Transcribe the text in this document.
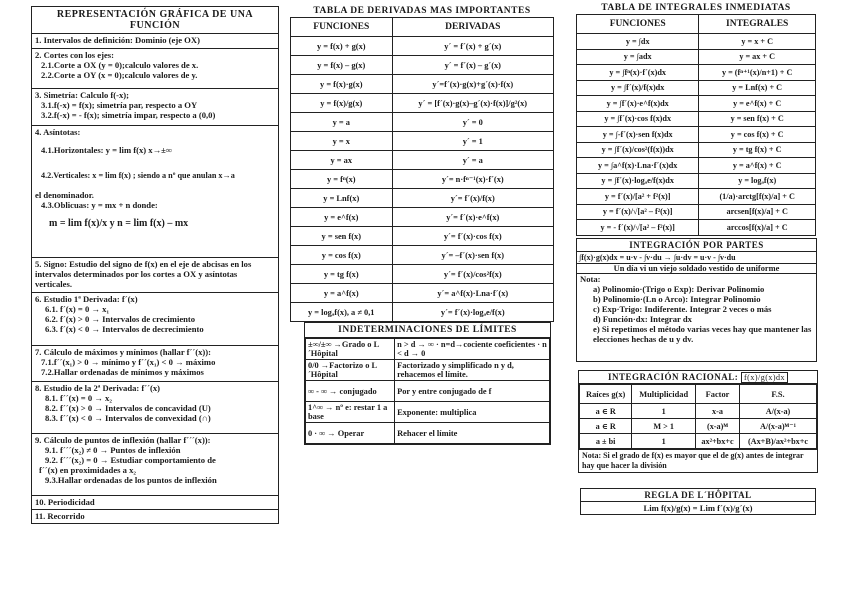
REPRESENTACIÓN GRÁFICA DE UNA FUNCIÓN
1. Intervalos de definición: Dominio (eje OX)
2. Cortes con los ejes:
2.1.Corte a OX (y = 0);calculo valores de x.
2.2.Corte a OY (x = 0);calculo valores de y.
3. Simetría: Calculo f(-x);
3.1.f(-x) = f(x); simetría par, respecto a OY
3.2.f(-x) = - f(x); simetría impar, respecto a (0,0)
4. Asíntotas:
4.1.Horizontales: y = lim f(x) x→±∞
4.2.Verticales: x = lim f(x) ; siendo a nº que anulan x→a
el denominador.
4.3.Oblicuas: y = mx + n donde:
m = lim f(x)/x y n = lim f(x) – mx
5. Signo: Estudio del signo de f(x) en el eje de abcisas en los intervalos determinados por los cortes a OX y asíntotas verticales.
6. Estudio 1ª Derivada: f´(x)
6.1. f´(x) = 0 → x₁
6.2. f´(x) > 0 → Intervalos de crecimiento
6.3. f´(x) < 0 → Intervalos de decrecimiento
7. Cálculo de máximos y mínimos (hallar f´´(x)):
7.1.f´´(x₁) > 0 → mínimo y f´´(x₁) < 0 → máximo
7.2.Hallar ordenadas de mínimos y máximos
8. Estudio de la 2ª Derivada: f´´(x)
8.1. f´´(x) = 0 → x₂
8.2. f´´(x) > 0 → Intervalos de concavidad (U)
8.3. f´´(x) < 0 → Intervalos de convexidad (∩)
9. Cálculo de puntos de inflexión (hallar f´´´(x)):
9.1. f´´´(x₂) ≠ 0 → Puntos de inflexión
9.2. f´´´(x₂) = 0 → Estudiar comportamiento de
f´´(x) en proximidades a x₂
9.3.Hallar ordenadas de los puntos de inflexión
10. Periodicidad
11. Recorrido
TABLA DE DERIVADAS MAS IMPORTANTES
FUNCIONES	DERIVADAS
y = f(x) + g(x)	y´ = f´(x) + g´(x)
y = f(x) – g(x)	y´ = f´(x) – g´(x)
y = f(x)·g(x)	y´=f´(x)·g(x)+g´(x)·f(x)
y = f(x)/g(x)	y´ = [f´(x)·g(x)–g´(x)·f(x)]/g²(x)
y = a	y´ = 0
y = x	y´ = 1
y = ax	y´ = a
y = fⁿ(x)	y´= n·fⁿ⁻¹(x)·f´(x)
y = Lnf(x)	y´= f´(x)/f(x)
y = e^f(x)	y´= f´(x)·e^f(x)
y = sen f(x)	y´= f´(x)·cos f(x)
y = cos f(x)	y´= –f´(x)·sen f(x)
y = tg f(x)	y´= f´(x)/cos²f(x)
y = a^f(x)	y´= a^f(x)·Lna·f´(x)
y = logₐf(x), a ≠ 0,1	y´= f´(x)·logₐe/f(x)
INDETERMINACIONES DE LÍMITES
±∞/±∞ →Grado o L´Hôpital	n > d → ∞ · n=d→cociente coeficientes · n < d → 0
0/0 →Factorizo o L´Hôpital	Factorizado y simplificado n y d, rehacemos el límite.
∞ - ∞ → conjugado	Por y entre conjugado de f
1^∞ → nº e: restar 1 a base	Exponente: multiplica
0 · ∞ → Operar	Rehacer el límite
TABLA DE INTEGRALES INMEDIATAS
FUNCIONES	INTEGRALES
y = ∫dx	y = x + C
y = ∫adx	y = ax + C
y = ∫fⁿ(x)·f´(x)dx	y = (fⁿ⁺¹(x)/n+1) + C
y = ∫f´(x)/f(x)dx	y = Lnf(x) + C
y = ∫f´(x)·e^f(x)dx	y = e^f(x) + C
y = ∫f´(x)·cos f(x)dx	y = sen f(x) + C
y = ∫-f´(x)·sen f(x)dx	y = cos f(x) + C
y = ∫f´(x)/cos²(f(x))dx	y = tg f(x) + C
y = ∫a^f(x)·Lna·f´(x)dx	y = a^f(x) + C
y = ∫f´(x)·logₐe/f(x)dx	y = logₐf(x)
y = f´(x)/[a² + f²(x)]	(1/a)·arctg[f(x)/a] + C
y = f´(x)/√[a² – f²(x)]	arcsen[f(x)/a] + C
y = - f´(x)/√[a² – f²(x)]	arccos[f(x)/a] + C
INTEGRACIÓN POR PARTES
∫f(x)·g(x)dx = u·v - ∫v·du → ∫u·dv = u·v - ∫v·du
Un día vi un viejo soldado vestido de uniforme
Nota:
a) Polinomio·(Trigo o Exp): Derivar Polinomio
b) Polinomio·(Ln o Arco): Integrar Polinomio
c) Exp·Trigo: Indiferente. Integrar 2 veces o más
d) Función·dx: Integrar dx
e) Si repetimos el método varias veces hay que mantener las elecciones hechas de u y dv.
INTEGRACIÓN RACIONAL: f(x)/g(x)dx
Raíces g(x)	Multiplicidad	Factor	F.S.
a ∈ R	1	x-a	A/(x-a)
a ∈ R	M > 1	(x-a)ᴹ	A/(x-a)ᴹ⁻¹
a ± bi	1	ax²+bx+c	(Ax+B)/ax²+bx+c
Nota: Si el grado de f(x) es mayor que el de g(x) antes de integrar hay que hacer la división
REGLA DE L´HÔPITAL
Lim f(x)/g(x) = Lim f´(x)/g´(x)
